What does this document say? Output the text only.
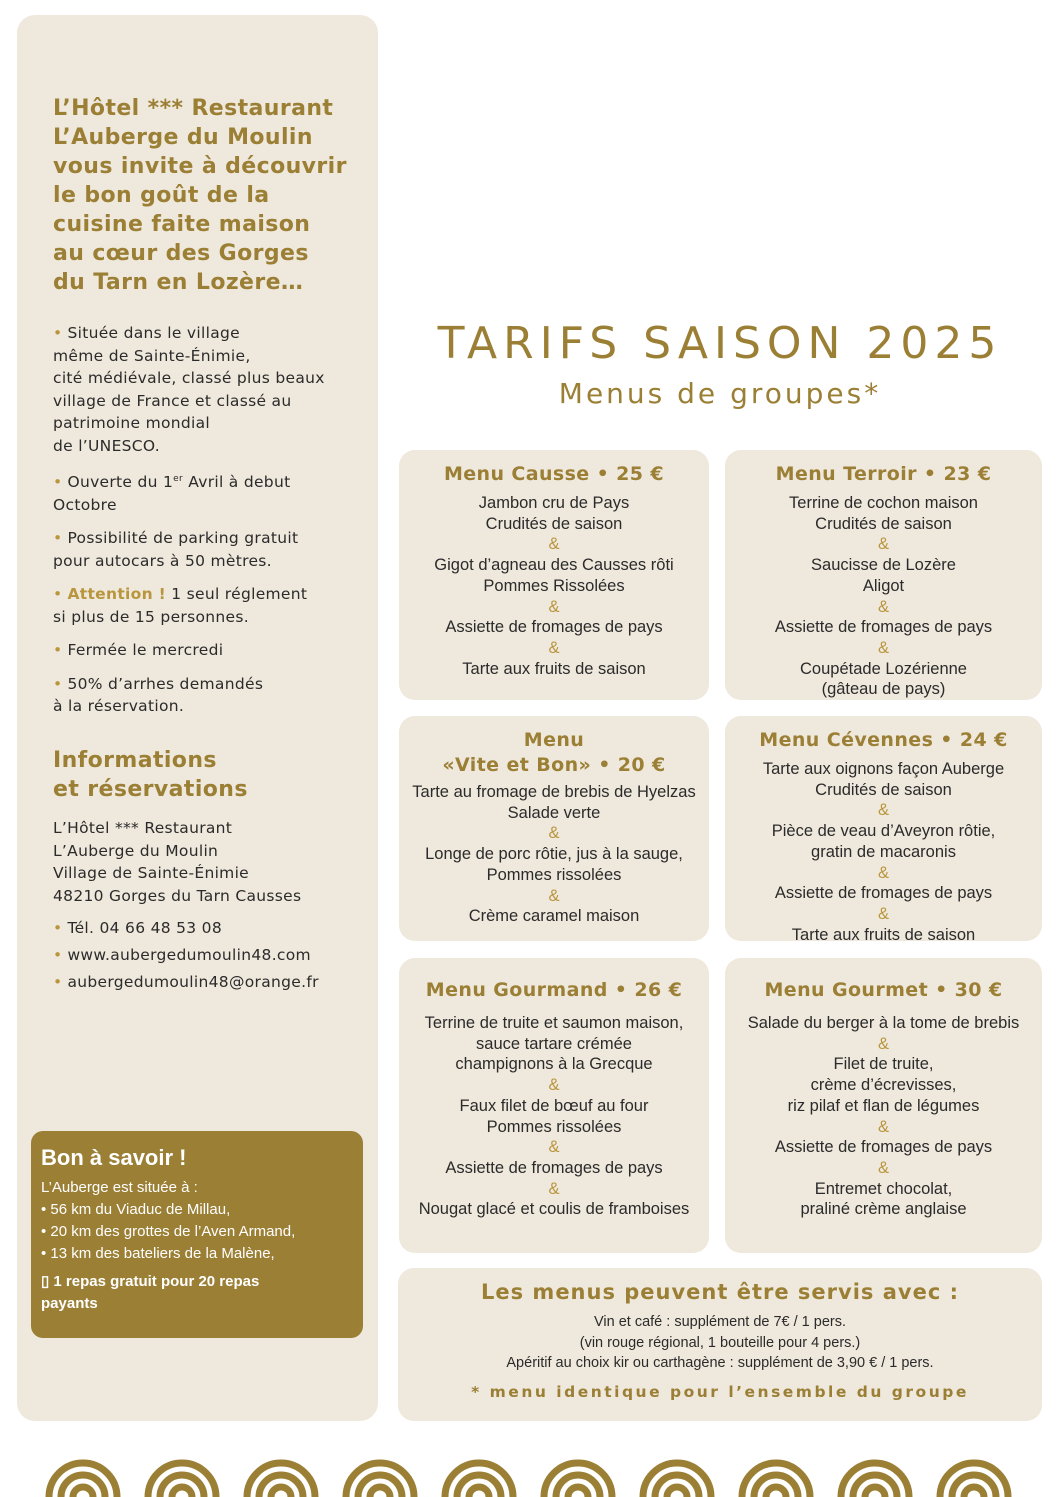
L’Hôtel *** Restaurant
L’Auberge du Moulin
vous invite à découvrir
le bon goût de la
cuisine faite maison
au cœur des Gorges
du Tarn en Lozère…
• Située dans le village
même de Sainte-Énimie,
cité médiévale, classé plus beaux
village de France et classé au
patrimoine mondial
de l’UNESCO.
• Ouverte du 1er Avril à debut
Octobre
• Possibilité de parking gratuit
pour autocars à 50 mètres.
• Attention ! 1 seul réglement
si plus de 15 personnes.
• Fermée le mercredi
• 50% d’arrhes demandés
à la réservation.
Informations
et réservations
L’Hôtel *** Restaurant
L’Auberge du Moulin
Village de Sainte-Énimie
48210 Gorges du Tarn Causses
• Tél. 04 66 48 53 08
• www.aubergedumoulin48.com
• aubergedumoulin48@orange.fr
Bon à savoir !
L’Auberge est située à :
• 56 km du Viaduc de Millau,
• 20 km des grottes de l’Aven Armand,
• 13 km des bateliers de la Malène,
▯ 1 repas gratuit pour 20 repas
payants
TARIFS SAISON 2025
Menus de groupes*
Menu Causse • 25 €
Jambon cru de Pays
Crudités de saison
&
Gigot d’agneau des Causses rôti
Pommes Rissolées
&
Assiette de fromages de pays
&
Tarte aux fruits de saison
Menu Terroir • 23 €
Terrine de cochon maison
Crudités de saison
&
Saucisse de Lozère
Aligot
&
Assiette de fromages de pays
&
Coupétade Lozérienne
(gâteau de pays)
Menu
«Vite et Bon» • 20 €
Tarte au fromage de brebis de Hyelzas
Salade verte
&
Longe de porc rôtie, jus à la sauge,
Pommes rissolées
&
Crème caramel maison
Menu Cévennes • 24 €
Tarte aux oignons façon Auberge
Crudités de saison
&
Pièce de veau d’Aveyron rôtie,
gratin de macaronis
&
Assiette de fromages de pays
&
Tarte aux fruits de saison
Menu Gourmand • 26 €
Terrine de truite et saumon maison,
sauce tartare crémée
champignons à la Grecque
&
Faux filet de bœuf au four
Pommes rissolées
&
Assiette de fromages de pays
&
Nougat glacé et coulis de framboises
Menu Gourmet • 30 €
Salade du berger à la tome de brebis
&
Filet de truite,
crème d’écrevisses,
riz pilaf et flan de légumes
&
Assiette de fromages de pays
&
Entremet chocolat,
praliné crème anglaise
Les menus peuvent être servis avec :
Vin et café : supplément de 7€ / 1 pers.
(vin rouge régional, 1 bouteille pour 4 pers.)
Apéritif au choix kir ou carthagène : supplément de 3,90 € / 1 pers.
* menu identique pour l’ensemble du groupe
